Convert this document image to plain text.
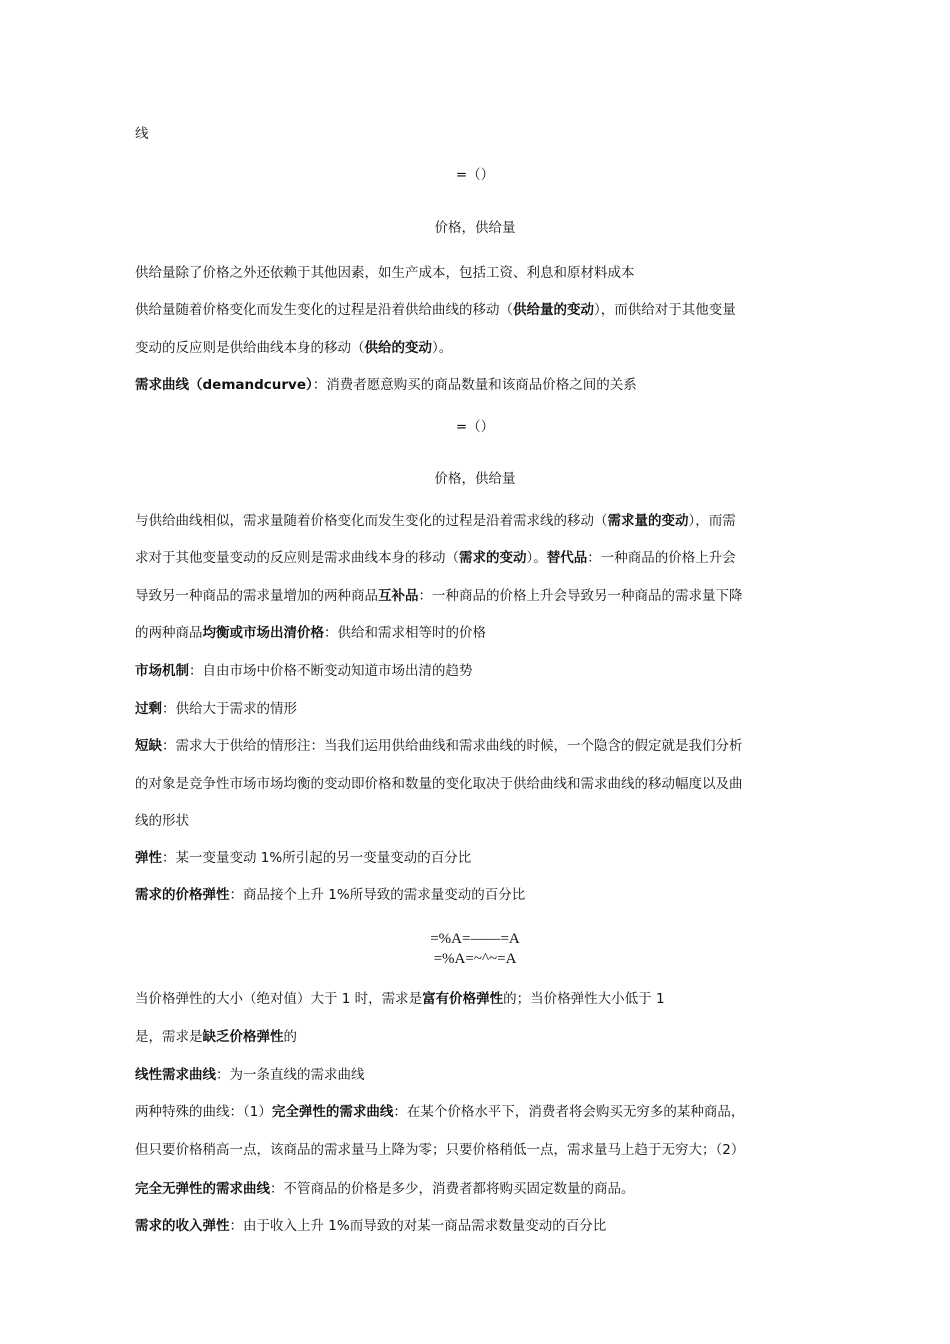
线
=（）
价格，供给量
供给量除了价格之外还依赖于其他因素，如生产成本，包括工资、利息和原材料成本
供给量随着价格变化而发生变化的过程是沿着供给曲线的移动（供给量的变动），而供给对于其他变量
变动的反应则是供给曲线本身的移动（供给的变动）。
需求曲线（demandcurve）：消费者愿意购买的商品数量和该商品价格之间的关系
=（）
价格，供给量
与供给曲线相似，需求量随着价格变化而发生变化的过程是沿着需求线的移动（需求量的变动），而需
求对于其他变量变动的反应则是需求曲线本身的移动（需求的变动）。替代品：一种商品的价格上升会
导致另一种商品的需求量增加的两种商品互补品：一种商品的价格上升会导致另一种商品的需求量下降
的两种商品均衡或市场出清价格：供给和需求相等时的价格
市场机制：自由市场中价格不断变动知道市场出清的趋势
过剩：供给大于需求的情形
短缺：需求大于供给的情形注：当我们运用供给曲线和需求曲线的时候，一个隐含的假定就是我们分析
的对象是竞争性市场市场均衡的变动即价格和数量的变化取决于供给曲线和需求曲线的移动幅度以及曲
线的形状
弹性：某一变量变动 1%所引起的另一变量变动的百分比
需求的价格弹性：商品接个上升 1%所导致的需求量变动的百分比
=%A=——=A
=%A=~^~=A
当价格弹性的大小（绝对值）大于 1 时，需求是富有价格弹性的；当价格弹性大小低于 1
是，需求是缺乏价格弹性的
线性需求曲线：为一条直线的需求曲线
两种特殊的曲线：（1）完全弹性的需求曲线：在某个价格水平下，消费者将会购买无穷多的某种商品，
但只要价格稍高一点，该商品的需求量马上降为零；只要价格稍低一点，需求量马上趋于无穷大；（2）
完全无弹性的需求曲线：不管商品的价格是多少，消费者都将购买固定数量的商品。
需求的收入弹性：由于收入上升 1%而导致的对某一商品需求数量变动的百分比
